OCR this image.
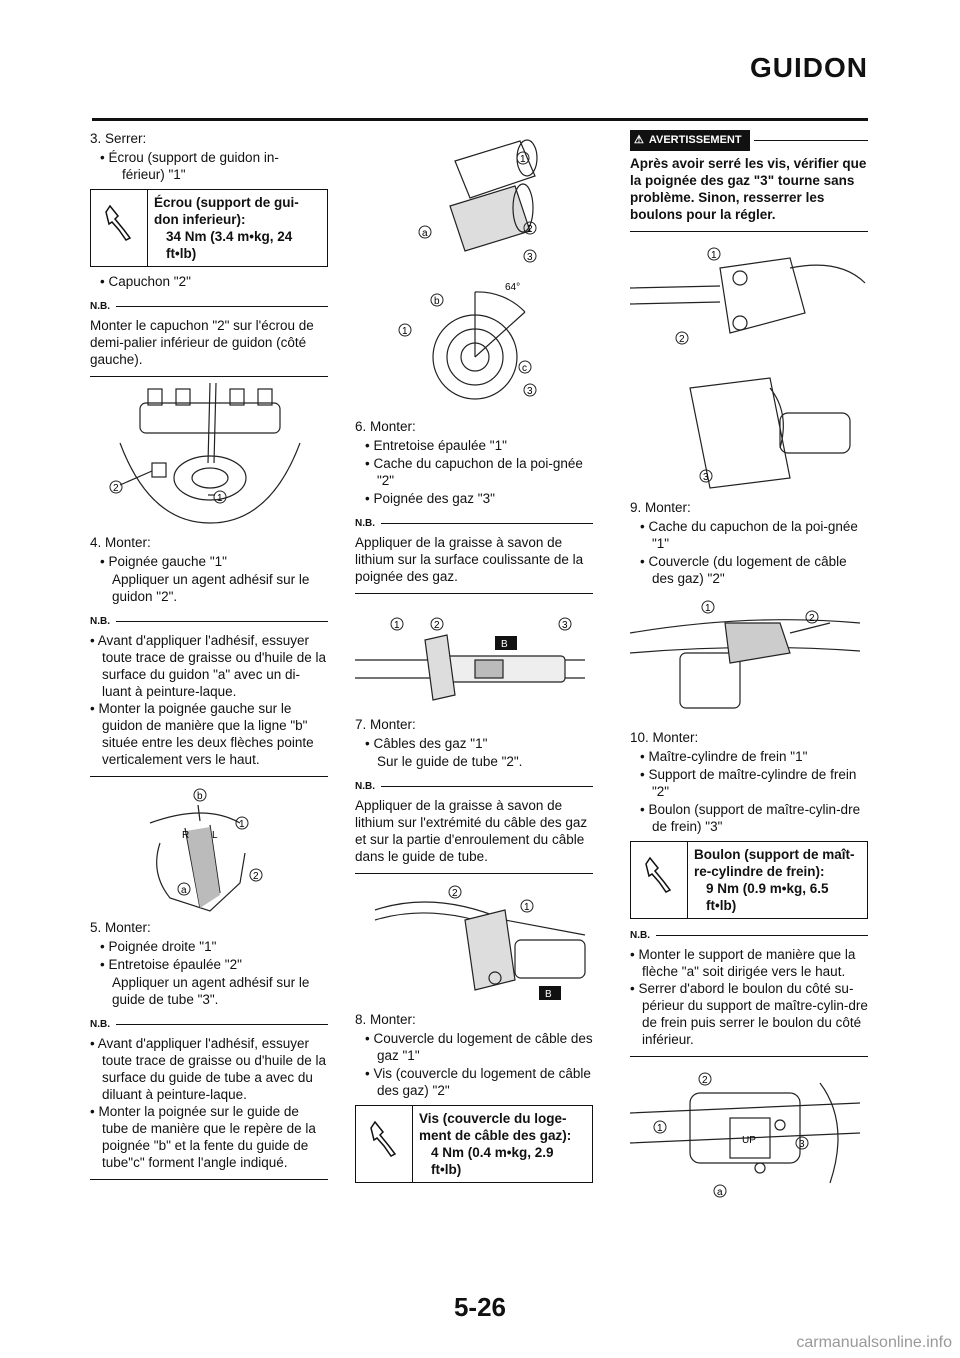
GUIDON
3. Serrer:
• Écrou (support de guidon in-
férieur) "1"
Écrou (support de gui-
don inferieur):
34 Nm (3.4 m•kg, 24
ft•lb)
• Capuchon "2"
N.B.
Monter le capuchon "2" sur l'écrou de demi-palier inférieur de guidon (côté gauche).
2
1
4. Monter:
• Poignée gauche "1"
Appliquer un agent adhésif sur le guidon "2".
N.B.
• Avant d'appliquer l'adhésif, essuyer toute trace de graisse ou d'huile de la surface du guidon "a" avec un di-luant à peinture-laque.
• Monter la poignée gauche sur le guidon de manière que la ligne "b" située entre les deux flèches pointe verticalement vers le haut.
R L
b
1
a
2
5. Monter:
• Poignée droite "1"
• Entretoise épaulée "2"
Appliquer un agent adhésif sur le guide de tube "3".
N.B.
• Avant d'appliquer l'adhésif, essuyer toute trace de graisse ou d'huile de la surface du guide de tube a avec du diluant à peinture-laque.
• Monter la poignée sur le guide de tube de manière que le repère de la poignée "b" et la fente du guide de tube"c" forment l'angle indiqué.
1
a	2
3
64°
b
1
c
3
6. Monter:
• Entretoise épaulée "1"
• Cache du capuchon de la poi-gnée "2"
• Poignée des gaz "3"
N.B.
Appliquer de la graisse à savon de lithium sur la surface coulissante de la poignée des gaz.
1	2	3
B
7. Monter:
• Câbles des gaz "1"
Sur le guide de tube "2".
N.B.
Appliquer de la graisse à savon de lithium sur l'extrémité du câble des gaz et sur la partie d'enroulement du câble dans le guide de tube.
2
1
B
8. Monter:
• Couvercle du logement de câble des gaz "1"
• Vis (couvercle du logement de câble des gaz) "2"
Vis (couvercle du loge-
ment de câble des gaz):
4 Nm (0.4 m•kg, 2.9
ft•lb)
⚠ AVERTISSEMENT
Après avoir serré les vis, vérifier que la poignée des gaz "3" tourne sans problème. Sinon, resserrer les boulons pour la régler.
1
2
3
9. Monter:
• Cache du capuchon de la poi-gnée "1"
• Couvercle (du logement de câble des gaz) "2"
1
2
10. Monter:
• Maître-cylindre de frein "1"
• Support de maître-cylindre de frein "2"
• Boulon (support de maître-cylin-dre de frein) "3"
Boulon (support de maît-
re-cylindre de frein):
9 Nm (0.9 m•kg, 6.5
ft•lb)
N.B.
• Monter le support de manière que la flèche "a" soit dirigée vers le haut.
• Serrer d'abord le boulon du côté su-périeur du support de maître-cylin-dre de frein puis serrer le boulon du côté inférieur.
UP
2
1
3
a
5-26
carmanualsonline.info
